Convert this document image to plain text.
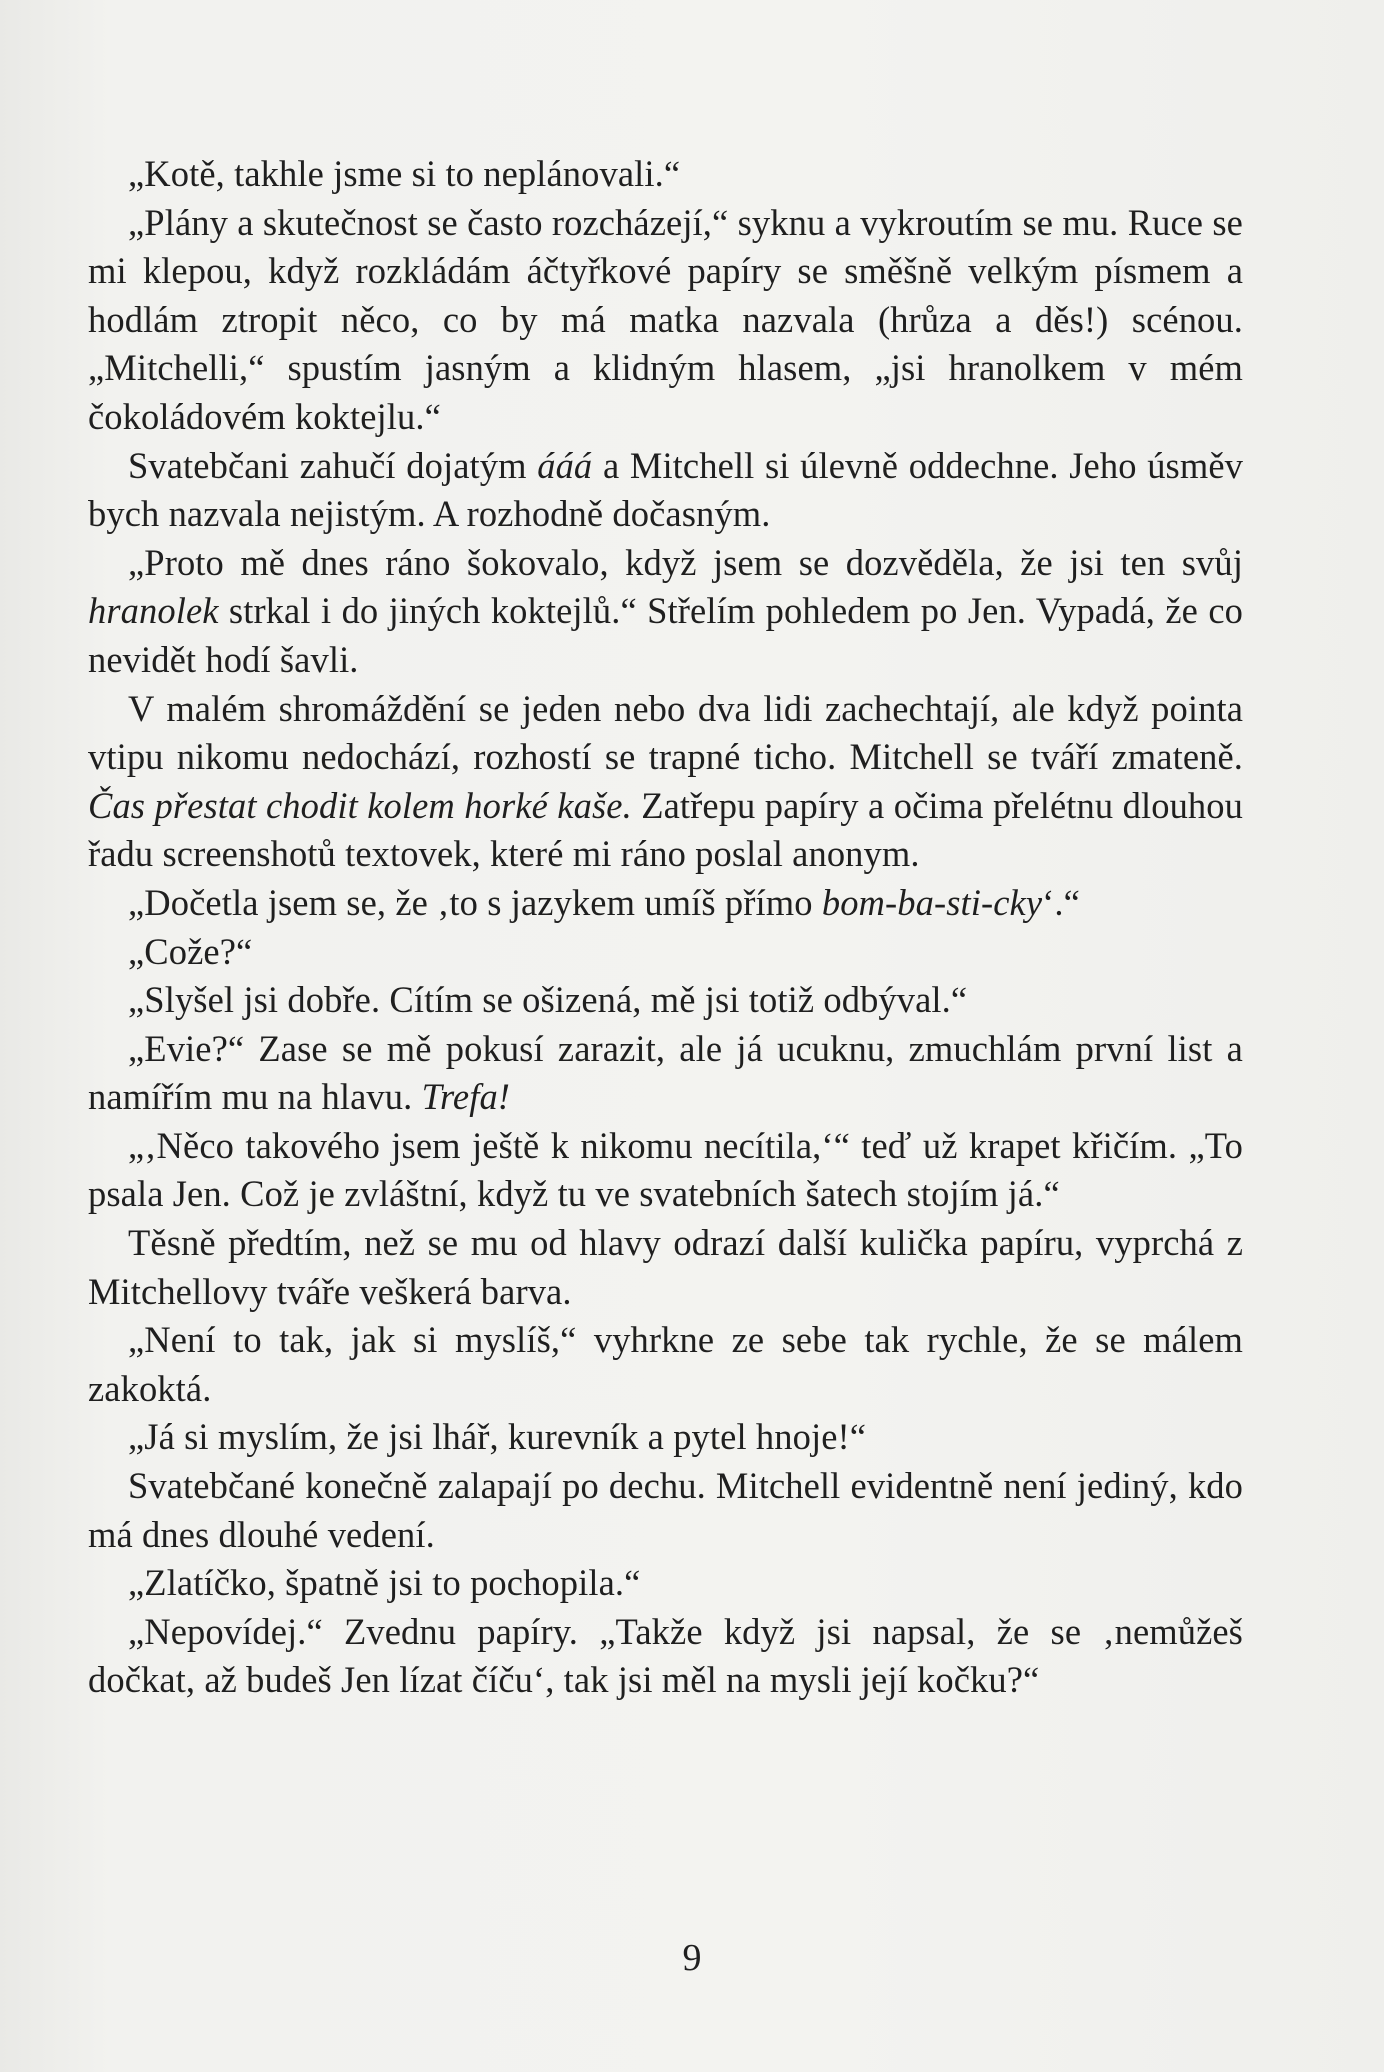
„Kotě, takhle jsme si to neplánovali.“

„Plány a skutečnost se často rozcházejí,“ syknu a vykroutím se mu. Ruce se mi klepou, když rozkládám áčtyřkové papíry se směšně velkým písmem a hodlám ztropit něco, co by má matka nazvala (hrůza a děs!) scénou. „Mitchelli,“ spustím jasným a klidným hlasem, „jsi hranolkem v mém čokoládovém koktejlu.“

Svatebčani zahučí dojatým ááá a Mitchell si úlevně oddechne. Jeho úsměv bych nazvala nejistým. A rozhodně dočasným.

„Proto mě dnes ráno šokovalo, když jsem se dozvěděla, že jsi ten svůj hranolek strkal i do jiných koktejlů.“ Střelím pohledem po Jen. Vypadá, že co nevidět hodí šavli.

V malém shromáždění se jeden nebo dva lidi zachechtají, ale když pointa vtipu nikomu nedochází, rozhostí se trapné ticho. Mitchell se tváří zmateně. Čas přestat chodit kolem horké kaše. Zatřepu papíry a očima přelétnu dlouhou řadu screenshotů textovek, které mi ráno poslal anonym.

„Dočetla jsem se, že ‚to s jazykem umíš přímo bom-ba-sti-cky‘.“

„Cože?“

„Slyšel jsi dobře. Cítím se ošizená, mě jsi totiž odbýval.“

„Evie?“ Zase se mě pokusí zarazit, ale já ucuknu, zmuchlám první list a namířím mu na hlavu. Trefa!

„‚Něco takového jsem ještě k nikomu necítila,‘“ teď už krapet křičím. „To psala Jen. Což je zvláštní, když tu ve svatebních šatech stojím já.“

Těsně předtím, než se mu od hlavy odrazí další kulička papíru, vyprchá z Mitchellovy tváře veškerá barva.

„Není to tak, jak si myslíš,“ vyhrkne ze sebe tak rychle, že se málem zakoktá.

„Já si myslím, že jsi lhář, kurevník a pytel hnoje!“

Svatebčané konečně zalapají po dechu. Mitchell evidentně není jediný, kdo má dnes dlouhé vedení.

„Zlatíčko, špatně jsi to pochopila.“

„Nepovídej.“ Zvednu papíry. „Takže když jsi napsal, že se ‚nemůžeš dočkat, až budeš Jen lízat číču‘, tak jsi měl na mysli její kočku?“

9
